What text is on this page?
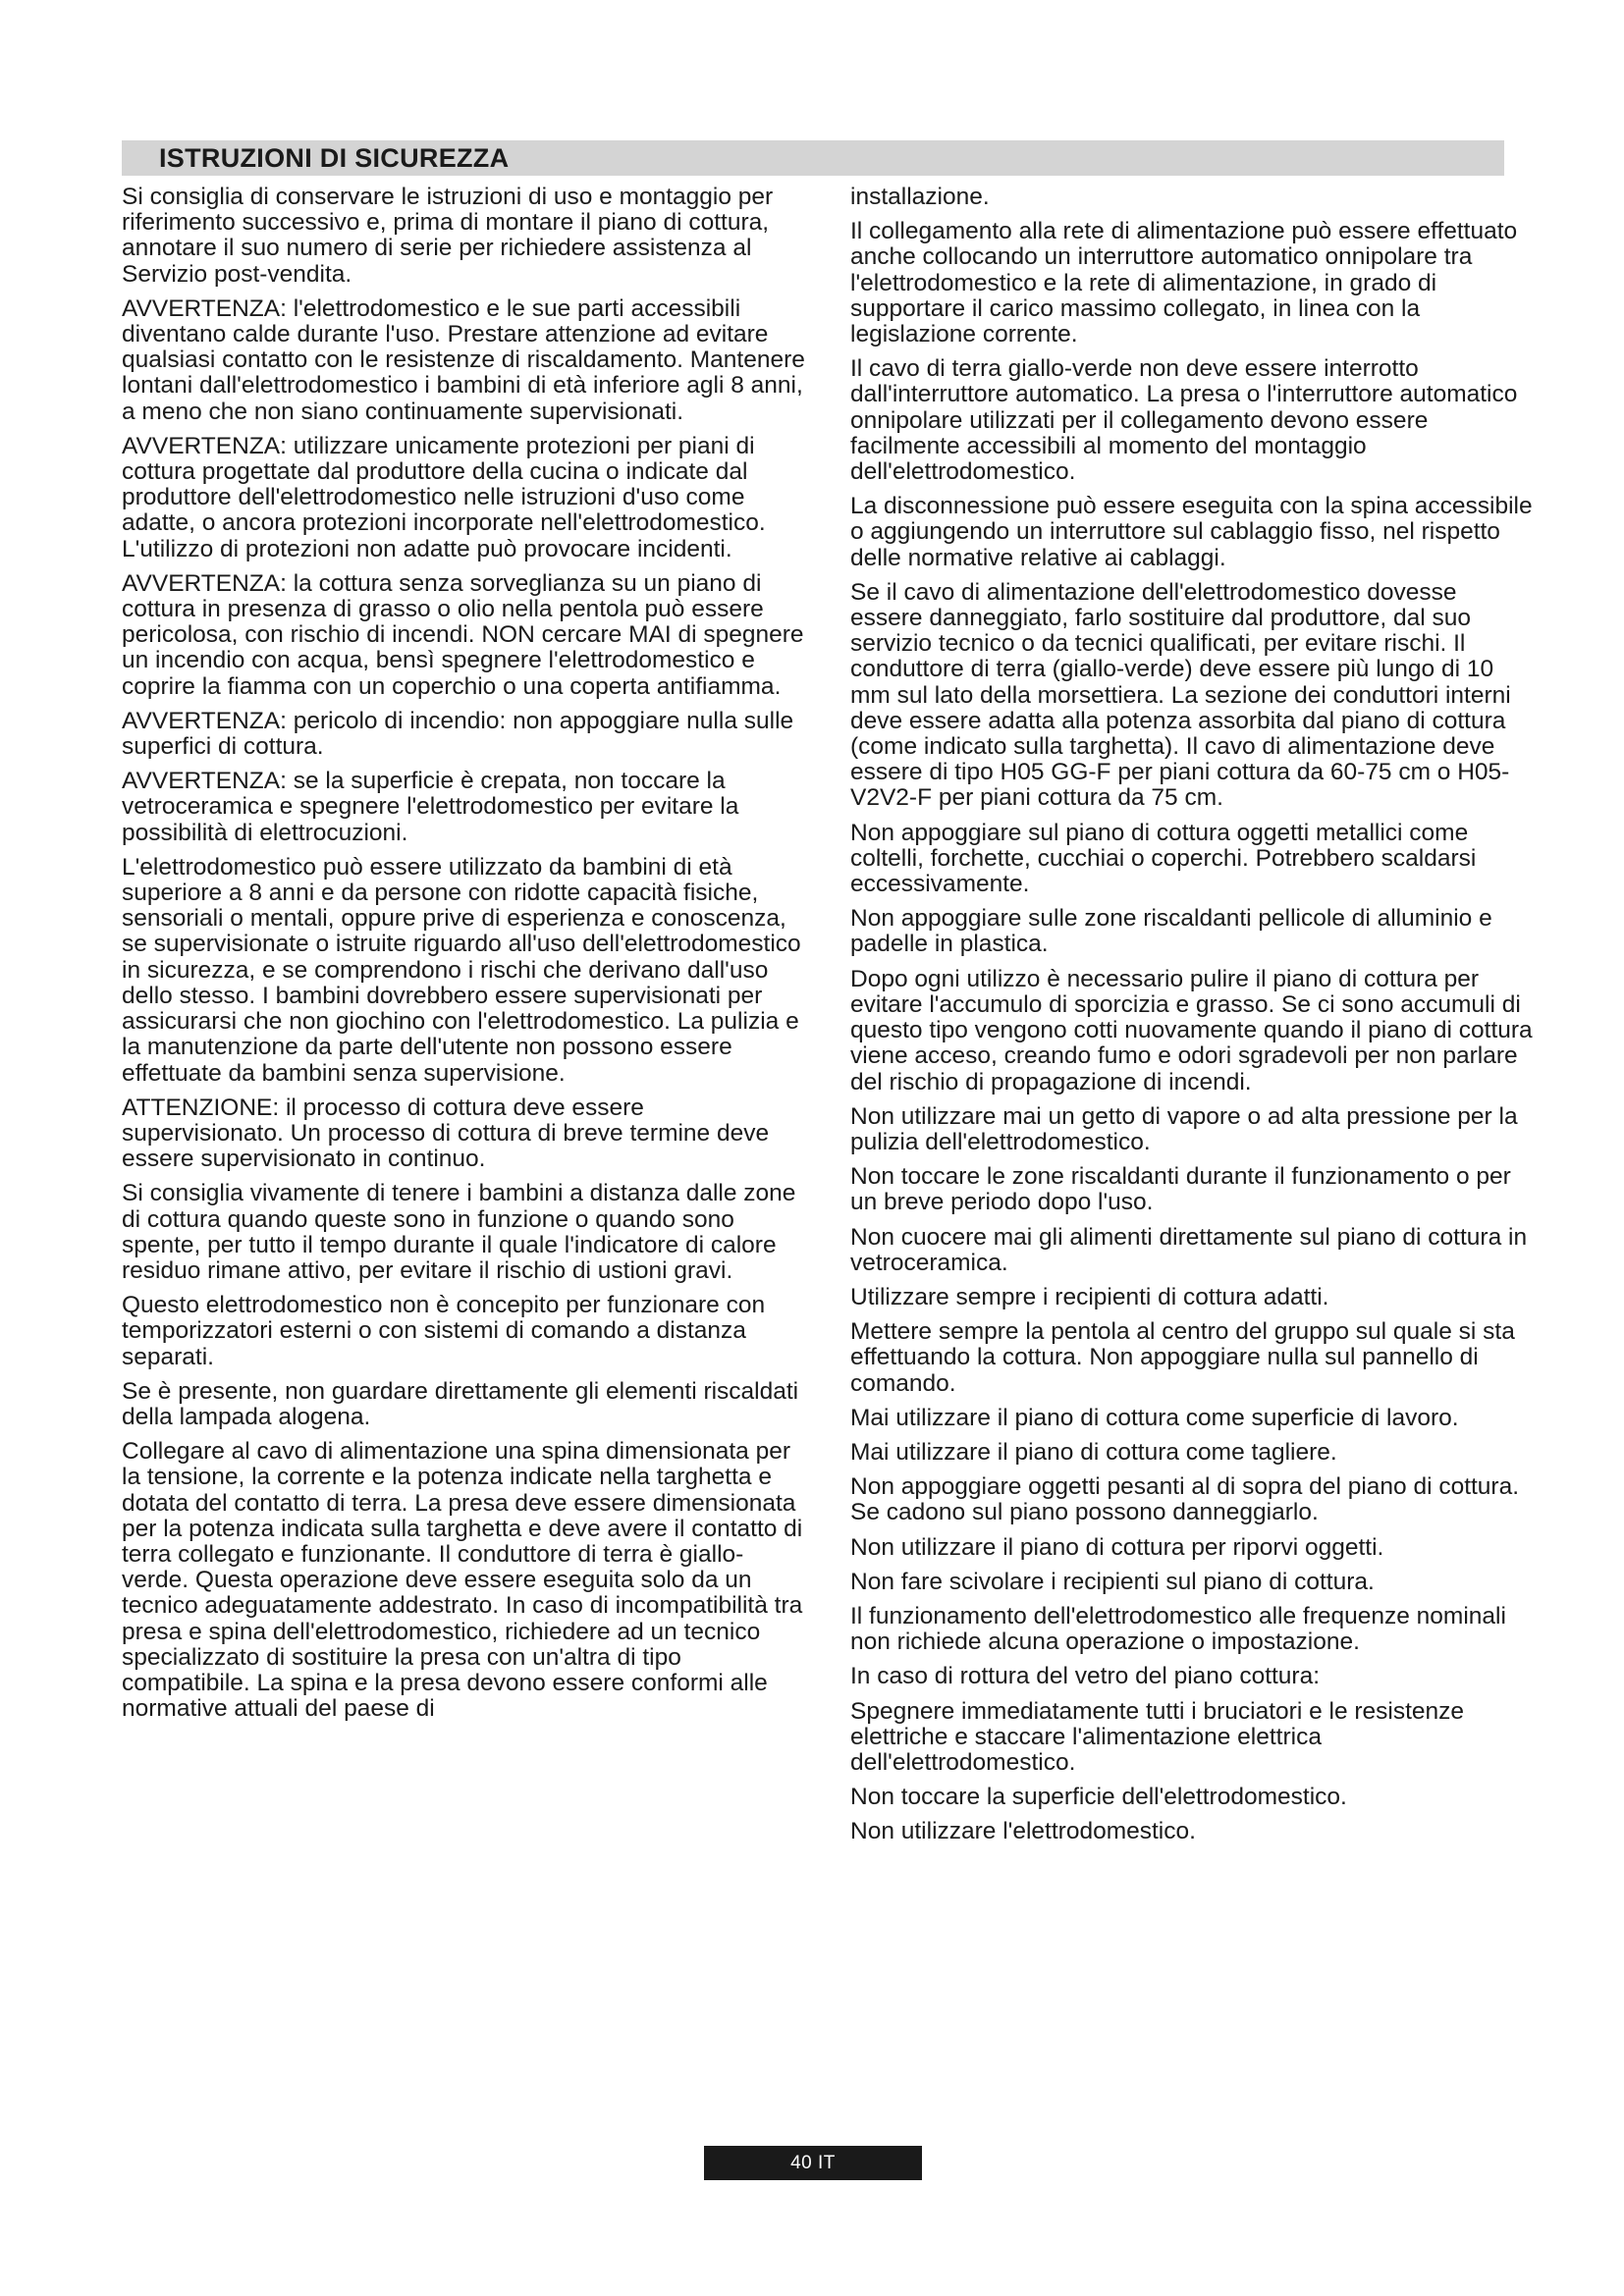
ISTRUZIONI DI SICUREZZA

Si consiglia di conservare le istruzioni di uso e montaggio per riferimento successivo e, prima di montare il piano di cottura, annotare il suo numero di serie per richiedere assistenza al Servizio post-vendita.

AVVERTENZA: l'elettrodomestico e le sue parti accessibili diventano calde durante l'uso. Prestare attenzione ad evitare qualsiasi contatto con le resistenze di riscaldamento. Mantenere lontani dall'elettrodomestico i bambini di età inferiore agli 8 anni, a meno che non siano continuamente supervisionati.

AVVERTENZA: utilizzare unicamente protezioni per piani di cottura progettate dal produttore della cucina o indicate dal produttore dell'elettrodomestico nelle istruzioni d'uso come adatte, o ancora protezioni incorporate nell'elettrodomestico. L'utilizzo di protezioni non adatte può provocare incidenti.

AVVERTENZA: la cottura senza sorveglianza su un piano di cottura in presenza di grasso o olio nella pentola può essere pericolosa, con rischio di incendi. NON cercare MAI di spegnere un incendio con acqua, bensì spegnere l'elettrodomestico e coprire la fiamma con un coperchio o una coperta antifiamma.

AVVERTENZA: pericolo di incendio: non appoggiare nulla sulle superfici di cottura.

AVVERTENZA: se la superficie è crepata, non toccare la vetroceramica e spegnere l'elettrodomestico per evitare la possibilità di elettrocuzioni.

L'elettrodomestico può essere utilizzato da bambini di età superiore a 8 anni e da persone con ridotte capacità fisiche, sensoriali o mentali, oppure prive di esperienza e conoscenza, se supervisionate o istruite riguardo all'uso dell'elettrodomestico in sicurezza, e se comprendono i rischi che derivano dall'uso dello stesso. I bambini dovrebbero essere supervisionati per assicurarsi che non giochino con l'elettrodomestico. La pulizia e la manutenzione da parte dell'utente non possono essere effettuate da bambini senza supervisione.

ATTENZIONE: il processo di cottura deve essere supervisionato. Un processo di cottura di breve termine deve essere supervisionato in continuo.

Si consiglia vivamente di tenere i bambini a distanza dalle zone di cottura quando queste sono in funzione o quando sono spente, per tutto il tempo durante il quale l'indicatore di calore residuo rimane attivo, per evitare il rischio di ustioni gravi.

Questo elettrodomestico non è concepito per funzionare con temporizzatori esterni o con sistemi di comando a distanza separati.

Se è presente, non guardare direttamente gli elementi riscaldati della lampada alogena.

Collegare al cavo di alimentazione una spina dimensionata per la tensione, la corrente e la potenza indicate nella targhetta e dotata del contatto di terra. La presa deve essere dimensionata per la potenza indicata sulla targhetta e deve avere il contatto di terra collegato e funzionante. Il conduttore di terra è giallo-verde. Questa operazione deve essere eseguita solo da un tecnico adeguatamente addestrato. In caso di incompatibilità tra presa e spina dell'elettrodomestico, richiedere ad un tecnico specializzato di sostituire la presa con un'altra di tipo compatibile. La spina e la presa devono essere conformi alle normative attuali del paese di

installazione.

Il collegamento alla rete di alimentazione può essere effettuato anche collocando un interruttore automatico onnipolare tra l'elettrodomestico e la rete di alimentazione, in grado di supportare il carico massimo collegato, in linea con la legislazione corrente.

Il cavo di terra giallo-verde non deve essere interrotto dall'interruttore automatico. La presa o l'interruttore automatico onnipolare utilizzati per il collegamento devono essere facilmente accessibili al momento del montaggio dell'elettrodomestico.

La disconnessione può essere eseguita con la spina accessibile o aggiungendo un interruttore sul cablaggio fisso, nel rispetto delle normative relative ai cablaggi.

Se il cavo di alimentazione dell'elettrodomestico dovesse essere danneggiato, farlo sostituire dal produttore, dal suo servizio tecnico o da tecnici qualificati, per evitare rischi. Il conduttore di terra (giallo-verde) deve essere più lungo di 10 mm sul lato della morsettiera. La sezione dei conduttori interni deve essere adatta alla potenza assorbita dal piano di cottura (come indicato sulla targhetta). Il cavo di alimentazione deve essere di tipo H05 GG-F per piani cottura da 60-75 cm o H05-V2V2-F per piani cottura da 75 cm.

Non appoggiare sul piano di cottura oggetti metallici come coltelli, forchette, cucchiai o coperchi. Potrebbero scaldarsi eccessivamente.

Non appoggiare sulle zone riscaldanti pellicole di alluminio e padelle in plastica.

Dopo ogni utilizzo è necessario pulire il piano di cottura per evitare l'accumulo di sporcizia e grasso. Se ci sono accumuli di questo tipo vengono cotti nuovamente quando il piano di cottura viene acceso, creando fumo e odori sgradevoli per non parlare del rischio di propagazione di incendi.

Non utilizzare mai un getto di vapore o ad alta pressione per la pulizia dell'elettrodomestico.

Non toccare le zone riscaldanti durante il funzionamento o per un breve periodo dopo l'uso.

Non cuocere mai gli alimenti direttamente sul piano di cottura in vetroceramica.

Utilizzare sempre i recipienti di cottura adatti.

Mettere sempre la pentola al centro del gruppo sul quale si sta effettuando la cottura. Non appoggiare nulla sul pannello di comando.

Mai utilizzare il piano di cottura come superficie di lavoro.

Mai utilizzare il piano di cottura come tagliere.

Non appoggiare oggetti pesanti al di sopra del piano di cottura. Se cadono sul piano possono danneggiarlo.

Non utilizzare il piano di cottura per riporvi oggetti.

Non fare scivolare i recipienti sul piano di cottura.

Il funzionamento dell'elettrodomestico alle frequenze nominali non richiede alcuna operazione o impostazione.

In caso di rottura del vetro del piano cottura:

Spegnere immediatamente tutti i bruciatori e le resistenze elettriche e staccare l'alimentazione elettrica dell'elettrodomestico.

Non toccare la superficie dell'elettrodomestico.

Non utilizzare l'elettrodomestico.

40 IT
